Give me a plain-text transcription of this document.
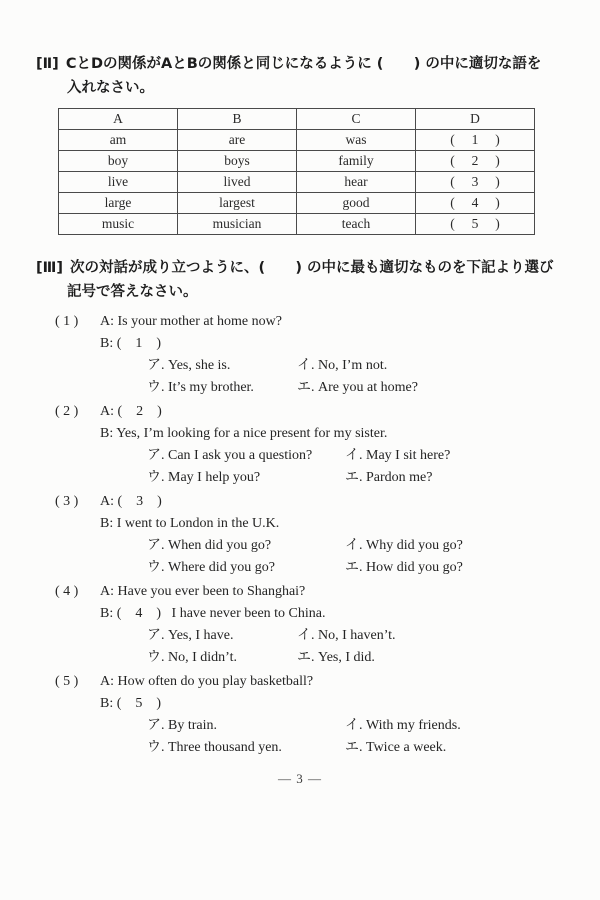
[Ⅱ] CとDの関係がAとBの関係と同じになるように (      ) の中に適切な語を
入れなさい。
A	B	C	D
am	are	was	(     1     )
boy	boys	family	(     2     )
live	lived	hear	(     3     )
large	largest	good	(     4     )
music	musician	teach	(     5     )
[Ⅲ] 次の対話が成り立つように、(      ) の中に最も適切なものを下記より選び
記号で答えなさい。
( 1 )	A: Is your mother at home now?
B: (    1    )
ア. Yes, she is.	イ. No, I’m not.
ウ. It’s my brother.	エ. Are you at home?
( 2 )	A: (    2    )
B: Yes, I’m looking for a nice present for my sister.
ア. Can I ask you a question?	イ. May I sit here?
ウ. May I help you?	エ. Pardon me?
( 3 )	A: (    3    )
B: I went to London in the U.K.
ア. When did you go?	イ. Why did you go?
ウ. Where did you go?	エ. How did you go?
( 4 )	A: Have you ever been to Shanghai?
B: (    4    )   I have never been to China.
ア. Yes, I have.	イ. No, I haven’t.
ウ. No, I didn’t.	エ. Yes, I did.
( 5 )	A: How often do you play basketball?
B: (    5    )
ア. By train.	イ. With my friends.
ウ. Three thousand yen.	エ. Twice a week.
— 3 —
